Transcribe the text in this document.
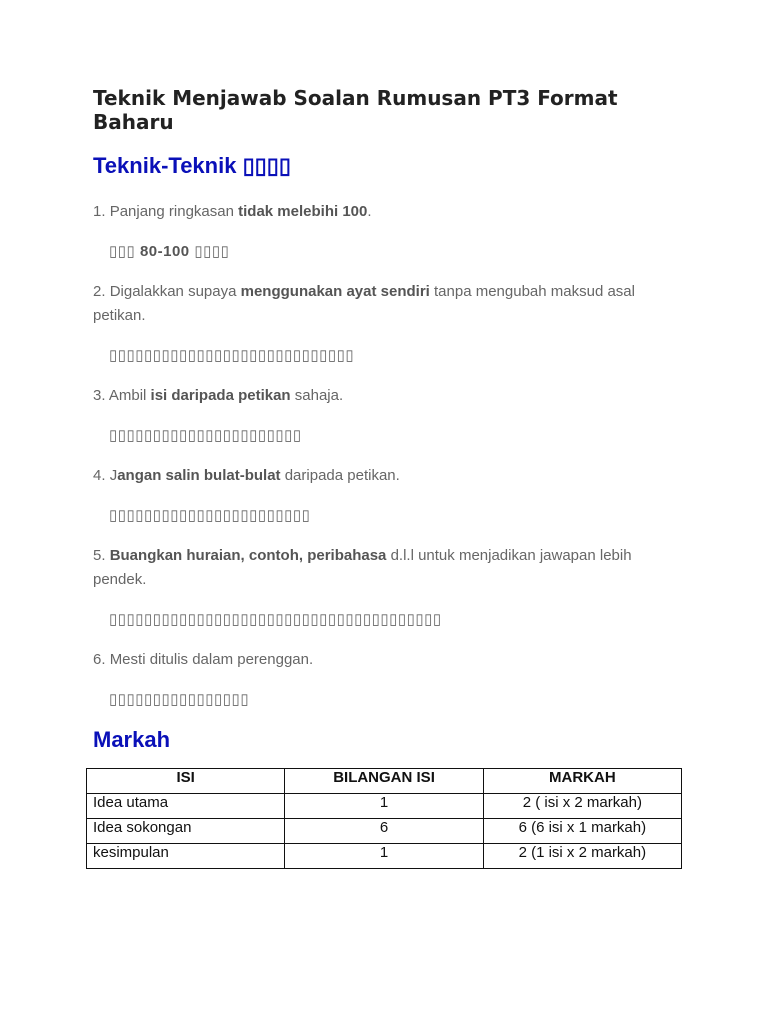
Teknik Menjawab Soalan Rumusan PT3 Format Baharu
Teknik-Teknik ▯▯▯▯

1. Panjang ringkasan tidak melebihi 100.

▯▯▯ 80-100 ▯▯▯▯

2. Digalakkan supaya menggunakan ayat sendiri tanpa mengubah maksud asal petikan.

▯▯▯▯▯▯▯▯▯▯▯▯▯▯▯▯▯▯▯▯▯▯▯▯▯▯▯▯

3. Ambil isi daripada petikan sahaja.

▯▯▯▯▯▯▯▯▯▯▯▯▯▯▯▯▯▯▯▯▯▯

4. Jangan salin bulat-bulat daripada petikan.

▯▯▯▯▯▯▯▯▯▯▯▯▯▯▯▯▯▯▯▯▯▯▯

5. Buangkan huraian, contoh, peribahasa d.l.l untuk menjadikan jawapan lebih pendek.

▯▯▯▯▯▯▯▯▯▯▯▯▯▯▯▯▯▯▯▯▯▯▯▯▯▯▯▯▯▯▯▯▯▯▯▯▯▯

6. Mesti ditulis dalam perenggan.

▯▯▯▯▯▯▯▯▯▯▯▯▯▯▯▯

Markah
ISI	BILANGAN ISI	MARKAH
Idea utama	1	2 ( isi x 2 markah)
Idea sokongan	6	6 (6 isi x 1 markah)
kesimpulan	1	2 (1 isi x 2 markah)
